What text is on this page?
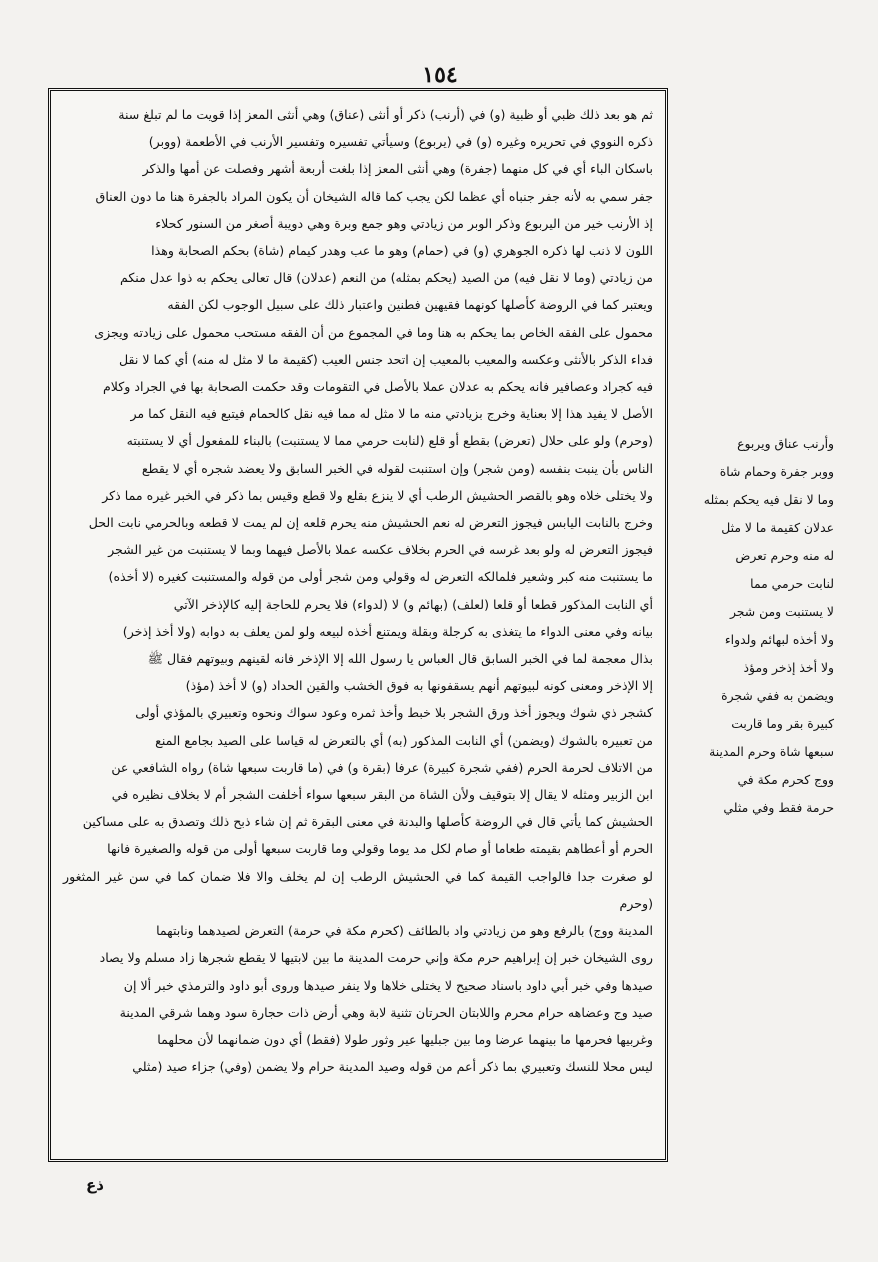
١٥٤

ثم هو بعد ذلك ظبي أو ظبية (و) في (أرنب) ذكر أو أنثى (عناق) وهي أنثى المعز إذا قويت ما لم تبلغ سنة

ذكره النووي في تحريره وغيره (و) في (يربوع) وسيأتي تفسيره وتفسير الأرنب في الأطعمة (ووبر)

باسكان الباء أي في كل منهما (جفرة) وهي أنثى المعز إذا بلغت أربعة أشهر وفصلت عن أمها والذكر

جفر سمي به لأنه جفر جنباه أي عظما لكن يجب كما قاله الشيخان أن يكون المراد بالجفرة هنا ما دون العناق

إذ الأرنب خير من اليربوع وذكر الوبر من زيادتي وهو جمع وبرة وهي دويبة أصغر من السنور كحلاء

اللون لا ذنب لها ذكره الجوهري (و) في (حمام) وهو ما عب وهدر كيمام (شاة) بحكم الصحابة وهذا

من زيادتي (وما لا نقل فيه) من الصيد (يحكم بمثله) من النعم (عدلان) قال تعالى يحكم به ذوا عدل منكم

ويعتبر كما في الروضة كأصلها كونهما فقيهين فطنين واعتبار ذلك على سبيل الوجوب لكن الفقه

محمول على الفقه الخاص بما يحكم به هنا وما في المجموع من أن الفقه مستحب محمول على زيادته ويجزى

فداء الذكر بالأنثى وعكسه والمعيب بالمعيب إن اتحد جنس العيب (كقيمة ما لا مثل له منه) أي كما لا نقل

فيه كجراد وعصافير فانه يحكم به عدلان عملا بالأصل في التقومات وقد حكمت الصحابة بها في الجراد وكلام

الأصل لا يفيد هذا إلا بعناية وخرج بزيادتي منه ما لا مثل له مما فيه نقل كالحمام فيتبع فيه النقل كما مر

(وحرم) ولو على حلال (تعرض) بقطع أو قلع (لنابت حرمي مما لا يستنبت) بالبناء للمفعول أي لا يستنبته

الناس بأن ينبت بنفسه (ومن شجر) وإن استنبت لقوله في الخبر السابق ولا يعضد شجره أي لا يقطع

ولا يختلى خلاه وهو بالقصر الحشيش الرطب أي لا ينزع بقلع ولا قطع وقيس بما ذكر في الخبر غيره مما ذكر

وخرج بالنابت اليابس فيجوز التعرض له نعم الحشيش منه يحرم قلعه إن لم يمت لا قطعه وبالحرمي نابت الحل

فيجوز التعرض له ولو بعد غرسه في الحرم بخلاف عكسه عملا بالأصل فيهما وبما لا يستنبت من غير الشجر

ما يستنبت منه كبر وشعير فلمالكه التعرض له وقولي ومن شجر أولى من قوله والمستنبت كغيره (لا أخذه)

أي النابت المذكور قطعا أو قلعا (لعلف) (بهائم و) لا (لدواء) فلا يحرم للحاجة إليه كالإذخر الآتي

بيانه وفي معنى الدواء ما يتغذى به كرجلة وبقلة ويمتنع أخذه لبيعه ولو لمن يعلف به دوابه (ولا أخذ إذخر)

بذال معجمة لما في الخبر السابق قال العباس يا رسول الله إلا الإذخر فانه لقينهم وبيوتهم فقال ﷺ

إلا الإذخر ومعنى كونه لبيوتهم أنهم يسقفونها به فوق الخشب والقين الحداد (و) لا أخذ (مؤذ)

كشجر ذي شوك ويجوز أخذ ورق الشجر بلا خبط وأخذ ثمره وعود سواك ونحوه وتعبيري بالمؤذي أولى

من تعبيره بالشوك (ويضمن) أي النابت المذكور (به) أي بالتعرض له قياسا على الصيد بجامع المنع

من الاتلاف لحرمة الحرم (ففي شجرة كبيرة) عرفا (بقرة و) في (ما قاربت سبعها شاة) رواه الشافعي عن

ابن الزبير ومثله لا يقال إلا بتوقيف ولأن الشاة من البقر سبعها سواء أخلفت الشجر أم لا بخلاف نظيره في

الحشيش كما يأتي قال في الروضة كأصلها والبدنة في معنى البقرة ثم إن شاء ذبح ذلك وتصدق به على مساكين

الحرم أو أعطاهم بقيمته طعاما أو صام لكل مد يوما وقولي وما قاربت سبعها أولى من قوله والصغيرة فانها

لو صغرت جدا فالواجب القيمة كما في الحشيش الرطب إن لم يخلف والا فلا ضمان كما في سن غير المثغور (وحرم

المدينة ووج) بالرفع وهو من زيادتي واد بالطائف (كحرم مكة في حرمة) التعرض لصيدهما ونابتهما

روى الشيخان خبر إن إبراهيم حرم مكة وإني حرمت المدينة ما بين لابتيها لا يقطع شجرها زاد مسلم ولا يصاد

صيدها وفي خبر أبي داود باسناد صحيح لا يختلى خلاها ولا ينفر صيدها وروى أبو داود والترمذي خبر ألا إن

صيد وج وعضاهه حرام محرم واللابتان الحرتان تثنية لابة وهي أرض ذات حجارة سود وهما شرقي المدينة

وغربيها فحرمها ما بينهما عرضا وما بين جبليها عير وثور طولا (فقط) أي دون ضمانهما لأن محلهما

ليس محلا للنسك وتعبيري بما ذكر أعم من قوله وصيد المدينة حرام ولا يضمن (وفي) جزاء صيد (مثلي

وأرنب عناق ويربوع

ووبر جفرة وحمام شاة

وما لا نقل فيه يحكم بمثله

عدلان كقيمة ما لا مثل

له منه وحرم تعرض

لنابت حرمي مما

لا يستنبت ومن شجر

ولا أخذه لبهائم ولدواء

ولا أخذ إذخر ومؤذ

ويضمن به ففي شجرة

كبيرة بقر وما قاربت

سبعها شاة وحرم المدينة

ووج كحرم مكة في

حرمة فقط وفي مثلي

ذع
